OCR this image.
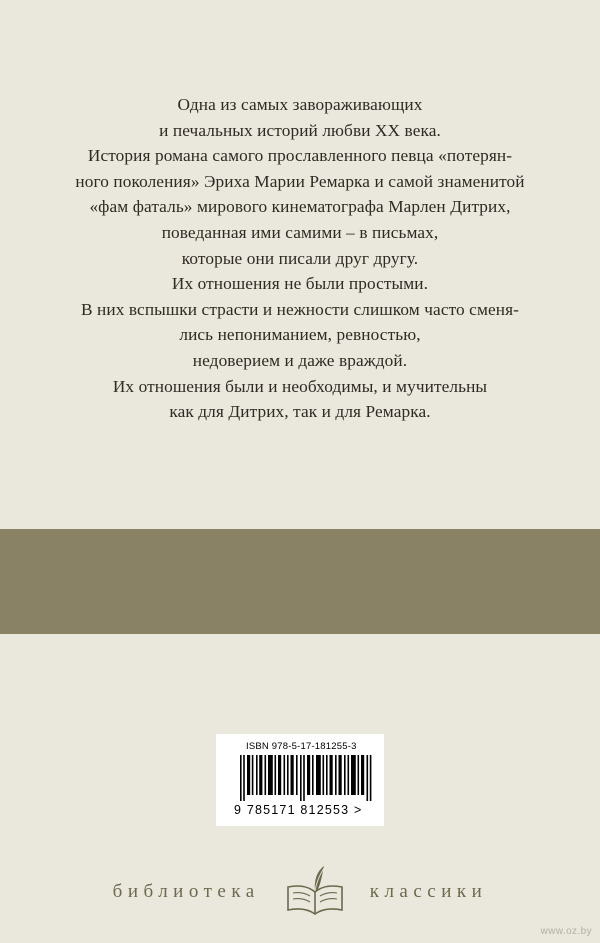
Одна из самых завораживающих
и печальных историй любви XX века.
История романа самого прославленного певца «потерян-
ного поколения» Эриха Марии Ремарка и самой знаменитой
«фам фаталь» мирового кинематографа Марлен Дитрих,
поведанная ими самими – в письмах,
которые они писали друг другу.
Их отношения не были простыми.
В них вспышки страсти и нежности слишком часто сменя-
лись непониманием, ревностью,
недоверием и даже враждой.
Их отношения были и необходимы, и мучительны
как для Дитрих, так и для Ремарка.
ISBN 978-5-17-181255-3
9 785171 812553 >
библиотека	классики
www.oz.by
